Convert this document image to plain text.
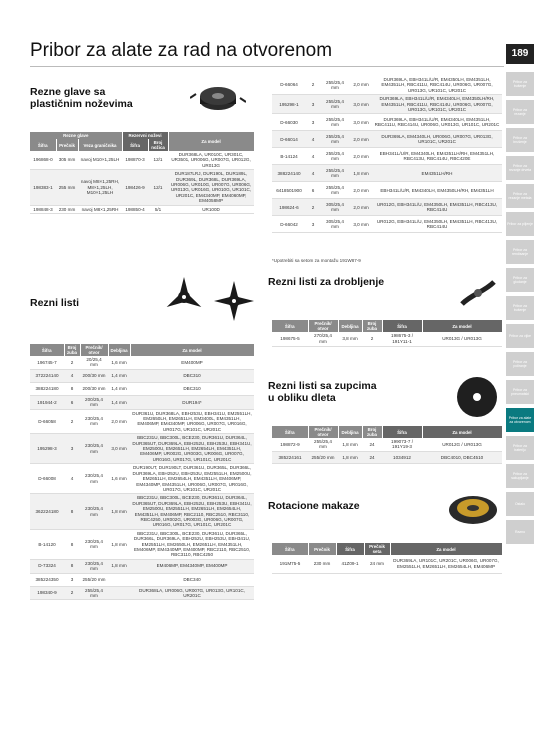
Pribor za alate za rad na otvorenom	189
Pribor za bušenje
Pribor za rezanje
Pribor za brušenje
Pribor za rezanje drveta
Pribor za rezanje metala
Pribor za piljenje
Pribor za rendisanje
Pribor za glodanje
Pribor za bušenje
Pribor za vijke
Pribor za poliranje
Pribor za pneumatski
Pribor za alate za otvorenom
Pribor za bateriju
Pribor za sakupljanje
Ostalo
Razno
Rezne glave sa
plastičnim noževima
Rezne glave			Rezervni noževi		Za model
Šifra	Prečnik	Veza graničnika	Šifra	Broj nožica	
196868-0	305 mm	navoj M10×1,25LH	198870-3	12/1	DUR368LA, UR010C, UR301C, UR3501, UR006G, UR007G, UR012G, UR013G
198383-1	255 mm	navoj M8×1,25RH, M8×1,25LH, M10×1,25LH	198426-9	12/1	DUR187LRJ, DUR190L, DUR189L, DUR369L, DUR368L, DUR369LA, UR006G, UR010G, UR007G, UR006G, UR013G, UR016G, UR010G, UR101C, UR201C, EM4340MP, EM4060MP, EM4058MP
198848-3	230 mm	navoj M8×1,25RH	198850-4	5/1	UR100D
Rezni listi
Šifra	Broj zuba	Prečnik/ otvor	Debljina	Za model
196745-7	2	20/25,4 mm	1,6 mm	EM400MP
372224140	4	200/30 mm	1,4 mm	DBC310
388224180	8	200/30 mm	1,4 mm	DBC310
191944-2	6	200/25,4 mm	1,4 mm	DUR194*
D-66058	2	230/25,4 mm	2,0 mm	DUR361U, DUR368LA, EBH253U, EBH341U, EM2551LH, EM2650LH, EM2651LH, EM3400L, EM4351LH, EM406MP, EM4340MP, UR006G, UR007G, UR016G, UR017G, UR101C, UR201C
195298-3	3	230/25,4 mm	3,0 mm	BBC231U, BBC300L, BCE230, DUR361U, DUR364L, DUR365UT, DUR369LA, EBH252U, EBH253U, EBH341U, EM2500U, EM2651LH, EM2654LH, EM4351LH, EM406MP, UR002G, UR003G, UR006G, UR007G, UR016G, UR017G, UR101C, UR201C
D-66008	4	230/25,4 mm	1,6 mm	DUR190UT, DUR190LT, DUR361U, DUR365L, DUR366L, DUR369LA, EBH252U, EBH253U, EM2551LH, EM2500U, EM2651LH, EM2654LH, EM4351LH, EM406MP, EM4340MP, EM4351LH, UR006G, UR007G, UR016G, UR017G, UR101C, UR201C
362224180	8	230/25,4 mm	1,8 mm	BBC231U, BBC300L, BCE230, DUR361U, DUR364L, DUR365UT, DUR369LA, EBH252U, EBH253U, EBH341U, EM2500U, EM2551LH, EM2651LH, EM2654LH, EM4351LH, EM406MP, RBC2110, RBC2510, RBC3110, RBC4250, UR002G, UR003G, UR006G, UR007G, UR016G, UR017G, UR101C, UR201C
B-14120	8	230/25,4 mm	1,8 mm	BBC231U, BBC300L, BCE230, DUR361U, DUR365L, DUR366L, DUR369LA, EBH252U, EBH253U, EBH341U, EM2551LH, EM2650LH, EM2651LH, EM4351LH, EM406MP, EM4340MP, EM400MP, RBC2110, RBC2510, RBC3110, RBC4250
D-73324	8	230/25,4 mm	1,8 mm	EM406MP, EM4340MP, EM400MP
385224350	3	255/20 mm		DBC340
198340-9	2	255/25,4 mm		DUR368LA, UR006G, UR007G, UR013G, UR101C, UR201C
D-66064	2	255/25,4 mm	2,0 mm	DUR369LA, EBH341L/U/R, EM4350LH, EM4351LH, EM4351LH, RBC411U, RBC414U, UR006G, UR007G, UR013G, UR101C, UR201C
195298-1	3	255/25,4 mm	3,0 mm	DUR369LA, EBH341L/U/R, EM4340LH, EM4350LH/RH, EM4351LH, RBC411U, RBC414U, UR006G, UR007G, UR013G, UR101C, UR201C
D-66030	3	255/25,4 mm	3,0 mm	DUR369LA, EBH341L/U/R, EM4340LH, EM4351LH, RBC411U, RBC414U, UR006G, UR013G, UR101C, UR201C
D-66014	4	255/25,4 mm	2,0 mm	DUR369LA, EM4340LH, UR006G, UR007G, UR013G, UR101C, UR201C
B-14124	4	255/25,4 mm	2,0 mm	EBH341L/U/R, EM4340LH, EM4351LH/RH, EM4351LH, RBC413U, RBC414U, RBC420E
388224140	4	255/25,4 mm	1,8 mm	EM4351LH/RH
6418501900	6	255/25,4 mm	2,0 mm	EBH341L/U/R, EM4340LH, EM4350LH/RH, EM4351LH
198624-6	2	305/25,4 mm	2,0 mm	UR012G, EBH341L/U, EM4350LH, EM4351LH, RBC413U, RBC414U
D-66042	3	305/25,4 mm	3,0 mm	UR012G, EBH341L/U, EM4350LH, EM4351LH, RBC413U, RBC414U
*Upotrebiti sa setom za montažu 191W87-9
Rezni listi za drobljenje
Šifra	Prečnik/ otvor	Debljina	Broj zuba	Šifra	Za model
198675-5	270/25,4 mm	3,8 mm	2	198675-3 / 191Y11-1	UR013G / UR013G
Rezni listi sa zupcima
u obliku dleta
Šifra	Prečnik/ otvor	Debljina	Broj zuba	Šifra	Za model
198872-9	255/25,4 mm	1,8 mm	24	199073-7 / 191Y19-3	UR012G / UR013G
385224161	255/20 mm	1,8 mm	24	1034912	DBC4010, DBC4510
Rotacione makaze
Šifra	Prečnik	Šifra	Prečnik seta	Za model
191M75-5	230 mm	41Z09-1	24 mm	DUR369LA, UR101C, UR201C, UR006G, UR007G, EM2551LH, EM2651LH, EM2654LH, EM406MP
